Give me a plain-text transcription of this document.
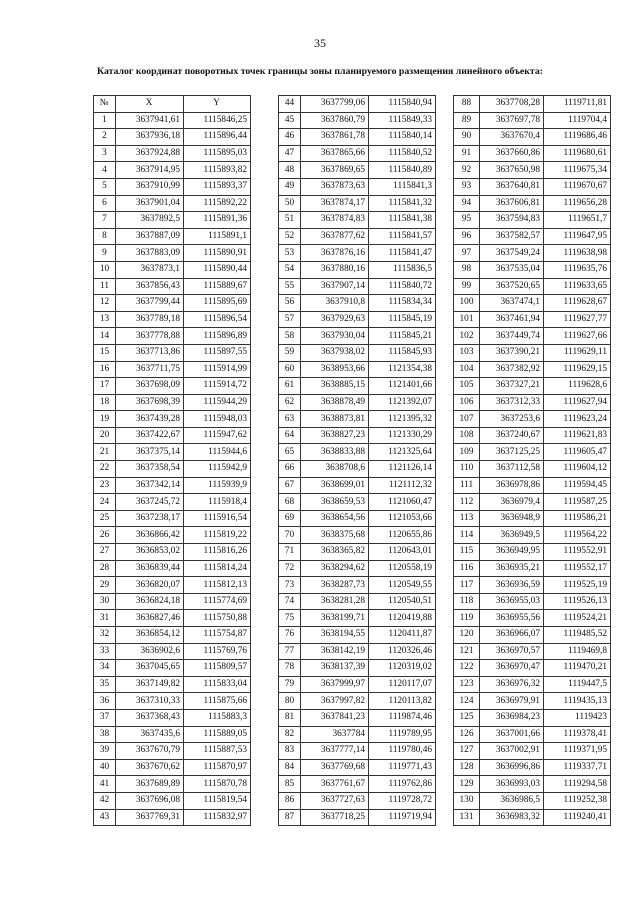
35
Каталог координат поворотных точек границы зоны планируемого размещения линейного объекта:
№	X	Y
1	3637941,61	1115846,25
2	3637936,18	1115896,44
3	3637924,88	1115895,03
4	3637914,95	1115893,82
5	3637910,99	1115893,37
6	3637901,04	1115892,22
7	3637892,5	1115891,36
8	3637887,09	1115891,1
9	3637883,09	1115890,91
10	3637873,1	1115890,44
11	3637856,43	1115889,67
12	3637799,44	1115895,69
13	3637789,18	1115896,54
14	3637778,88	1115896,89
15	3637713,86	1115897,55
16	3637711,75	1115914,99
17	3637698,09	1115914,72
18	3637698,39	1115944,29
19	3637439,28	1115948,03
20	3637422,67	1115947,62
21	3637375,14	1115944,6
22	3637358,54	1115942,9
23	3637342,14	1115939,9
24	3637245,72	1115918,4
25	3637238,17	1115916,54
26	3636866,42	1115819,22
27	3636853,02	1115816,26
28	3636839,44	1115814,24
29	3636820,07	1115812,13
30	3636824,18	1115774,69
31	3636827,46	1115750,88
32	3636854,12	1115754,87
33	3636902,6	1115769,76
34	3637045,65	1115809,57
35	3637149,82	1115833,04
36	3637310,33	1115875,66
37	3637368,43	1115883,3
38	3637435,6	1115889,05
39	3637670,79	1115887,53
40	3637670,62	1115870,97
41	3637689,89	1115870,78
42	3637696,08	1115819,54
43	3637769,31	1115832,97
44	3637799,06	1115840,94
45	3637860,79	1115849,33
46	3637861,78	1115840,14
47	3637865,66	1115840,52
48	3637869,65	1115840,89
49	3637873,63	1115841,3
50	3637874,17	1115841,32
51	3637874,83	1115841,38
52	3637877,62	1115841,57
53	3637876,16	1115841,47
54	3637880,16	1115836,5
55	3637907,14	1115840,72
56	3637910,8	1115834,34
57	3637929,63	1115845,19
58	3637930,04	1115845,21
59	3637938,02	1115845,93
60	3638953,66	1121354,38
61	3638885,15	1121401,66
62	3638878,49	1121392,07
63	3638873,81	1121395,32
64	3638827,23	1121330,29
65	3638833,88	1121325,64
66	3638708,6	1121126,14
67	3638699,01	1121112,32
68	3638659,53	1121060,47
69	3638654,56	1121053,66
70	3638375,68	1120655,86
71	3638365,82	1120643,01
72	3638294,62	1120558,19
73	3638287,73	1120549,55
74	3638281,28	1120540,51
75	3638199,71	1120419,88
76	3638194,55	1120411,87
77	3638142,19	1120326,46
78	3638137,39	1120319,02
79	3637999,97	1120117,07
80	3637997,82	1120113,82
81	3637841,23	1119874,46
82	3637784	1119789,95
83	3637777,14	1119780,46
84	3637769,68	1119771,43
85	3637761,67	1119762,86
86	3637727,63	1119728,72
87	3637718,25	1119719,94
88	3637708,28	1119711,81
89	3637697,78	1119704,4
90	3637670,4	1119686,46
91	3637660,86	1119680,61
92	3637650,98	1119675,34
93	3637640,81	1119670,67
94	3637606,81	1119656,28
95	3637594,83	1119651,7
96	3637582,57	1119647,95
97	3637549,24	1119638,98
98	3637535,04	1119635,76
99	3637520,65	1119633,65
100	3637474,1	1119628,67
101	3637461,94	1119627,77
102	3637449,74	1119627,66
103	3637390,21	1119629,11
104	3637382,92	1119629,15
105	3637327,21	1119628,6
106	3637312,33	1119627,94
107	3637253,6	1119623,24
108	3637240,67	1119621,83
109	3637125,25	1119605,47
110	3637112,58	1119604,12
111	3636978,86	1119594,45
112	3636979,4	1119587,25
113	3636948,9	1119586,21
114	3636949,5	1119564,22
115	3636949,95	1119552,91
116	3636935,21	1119552,17
117	3636936,59	1119525,19
118	3636955,03	1119526,13
119	3636955,56	1119524,21
120	3636966,07	1119485,52
121	3636970,57	1119469,8
122	3636970,47	1119470,21
123	3636976,32	1119447,5
124	3636979,91	1119435,13
125	3636984,23	1119423
126	3637001,66	1119378,41
127	3637002,91	1119371,95
128	3636996,86	1119337,71
129	3636993,03	1119294,58
130	3636986,5	1119252,38
131	3636983,32	1119240,41
